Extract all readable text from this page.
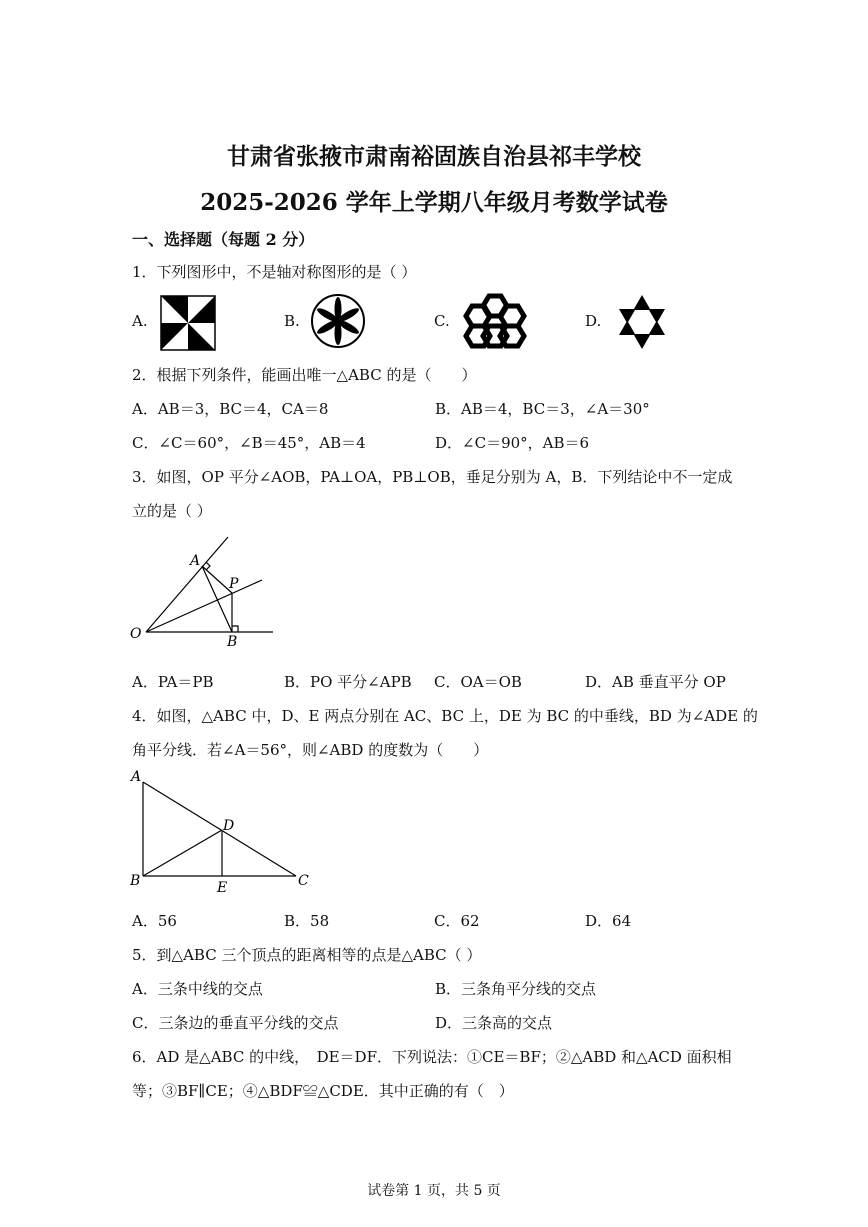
甘肃省张掖市肃南裕固族自治县祁丰学校
2025-2026 学年上学期八年级月考数学试卷
一、选择题（每题 2 分）
1．下列图形中，不是轴对称图形的是（ ）
A.	B.	C.	D.
2．根据下列条件，能画出唯一△ABC 的是（　　）
A．AB＝3，BC＝4，CA＝8	B．AB＝4，BC＝3，∠A＝30°
C．∠C＝60°，∠B＝45°，AB＝4	D．∠C＝90°，AB＝6
3．如图，OP 平分∠AOB，PA⊥OA，PB⊥OB，垂足分别为 A，B．下列结论中不一定成
立的是（ ）
A
P
O	B
A．PA＝PB	B．PO 平分∠APB C．OA＝OB	D．AB 垂直平分 OP
4．如图，△ABC 中，D、E 两点分别在 AC、BC 上，DE 为 BC 的中垂线，BD 为∠ADE 的
角平分线．若∠A＝56°，则∠ABD 的度数为（　　）
A
D
B	E	C
A．56	B．58	C．62	D．64
5．到△ABC 三个顶点的距离相等的点是△ABC（ ）
A．三条中线的交点	B．三条角平分线的交点
C．三条边的垂直平分线的交点	D．三条高的交点
6．AD 是△ABC 的中线，　DE＝DF．下列说法：①CE＝BF；②△ABD 和△ACD 面积相
等；③BF∥CE；④△BDF≌△CDE．其中正确的有（　）
试卷第 1 页，共 5 页
